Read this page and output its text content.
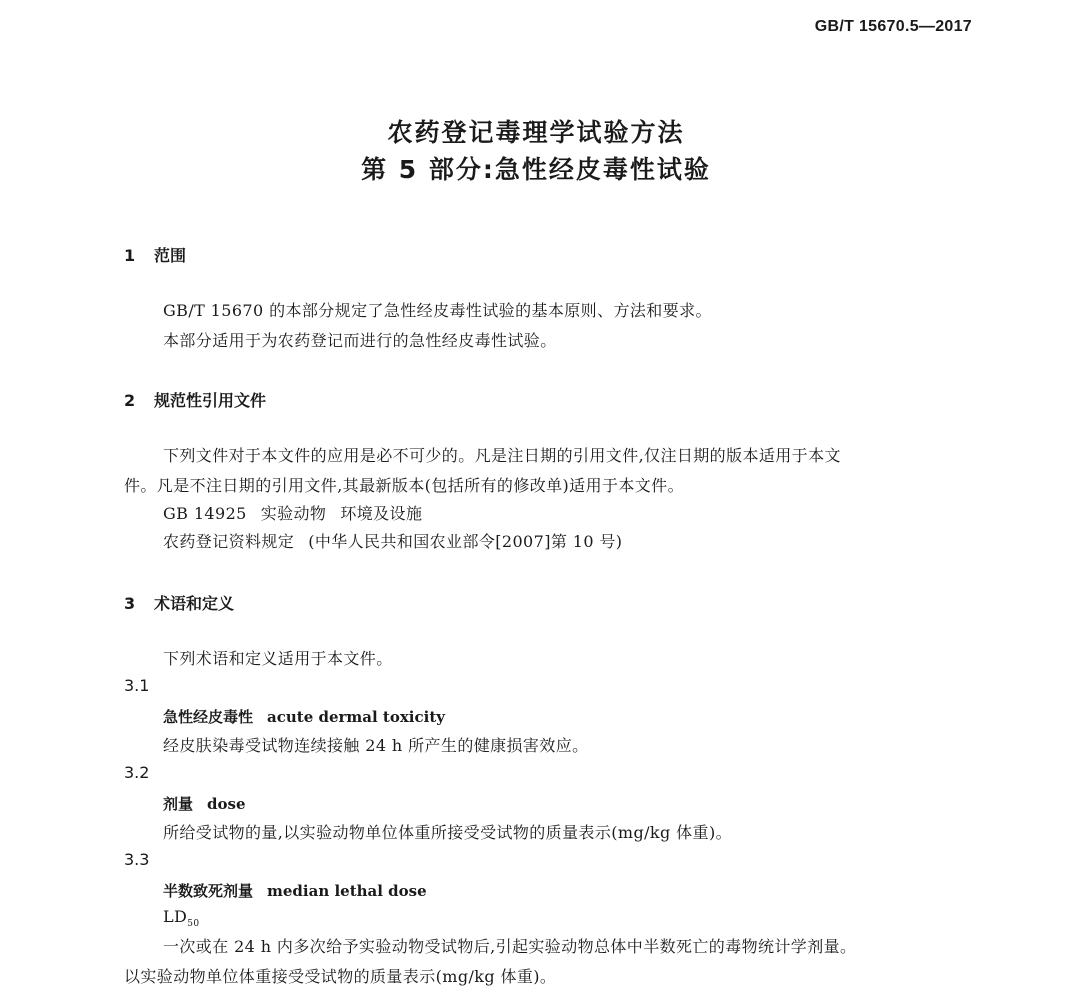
GB/T 15670.5—2017
农药登记毒理学试验方法
第 5 部分:急性经皮毒性试验
1 范围
GB/T 15670 的本部分规定了急性经皮毒性试验的基本原则、方法和要求。
本部分适用于为农药登记而进行的急性经皮毒性试验。
2 规范性引用文件
下列文件对于本文件的应用是必不可少的。凡是注日期的引用文件,仅注日期的版本适用于本文
件。凡是不注日期的引用文件,其最新版本(包括所有的修改单)适用于本文件。
GB 14925 实验动物 环境及设施
农药登记资料规定 (中华人民共和国农业部令[2007]第 10 号)
3 术语和定义
下列术语和定义适用于本文件。
3.1
急性经皮毒性 acute dermal toxicity
经皮肤染毒受试物连续接触 24 h 所产生的健康损害效应。
3.2
剂量 dose
所给受试物的量,以实验动物单位体重所接受受试物的质量表示(mg/kg 体重)。
3.3
半数致死剂量 median lethal dose
$LD_{50}$
一次或在 24 h 内多次给予实验动物受试物后,引起实验动物总体中半数死亡的毒物统计学剂量。
以实验动物单位体重接受受试物的质量表示(mg/kg 体重)。
